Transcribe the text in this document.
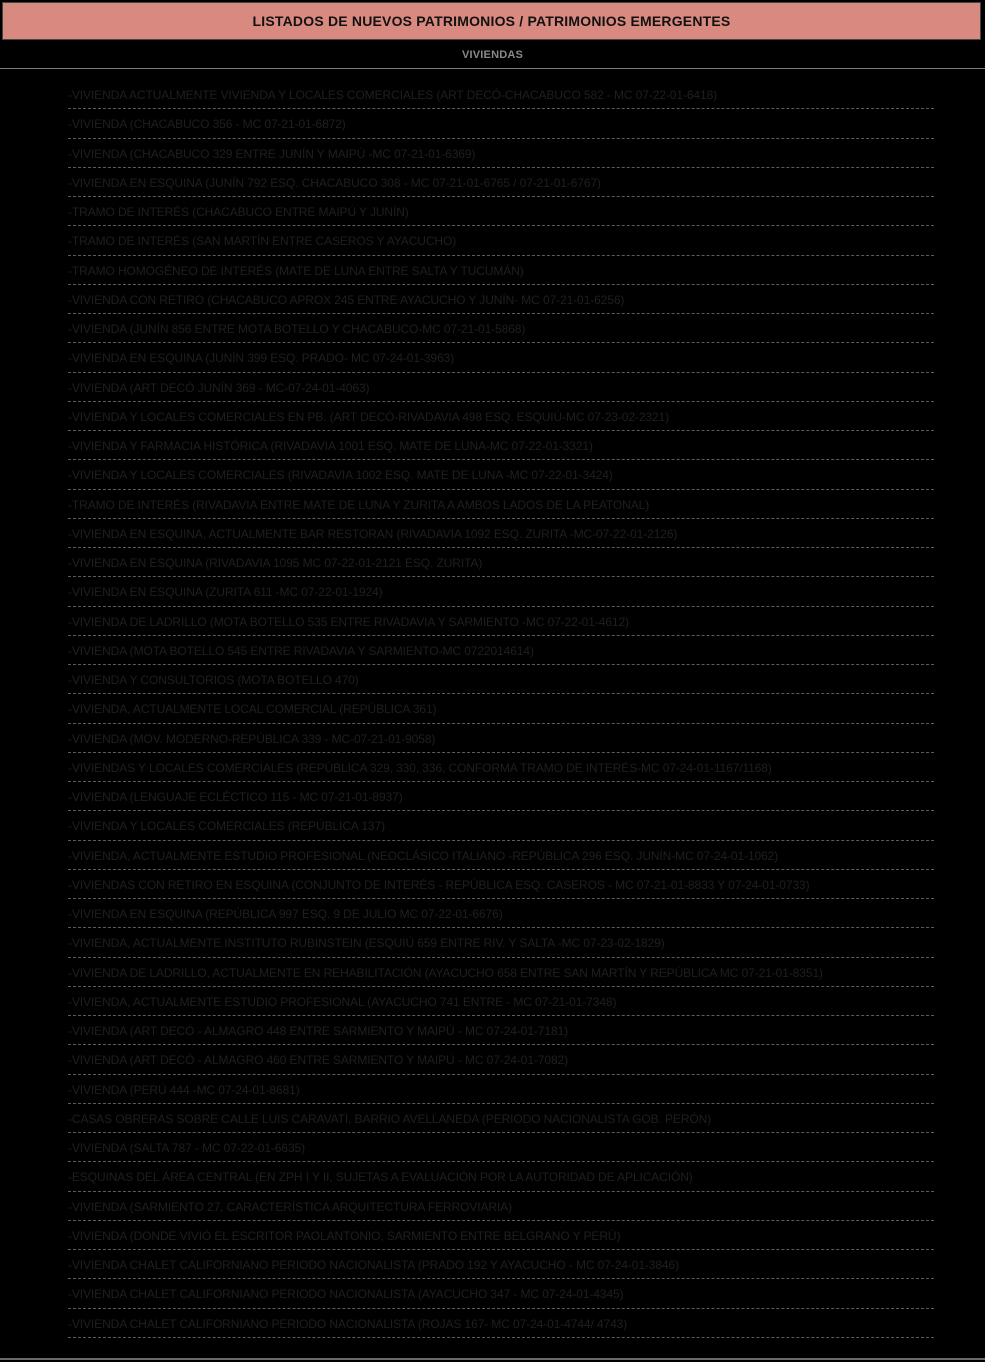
LISTADOS DE NUEVOS PATRIMONIOS / PATRIMONIOS EMERGENTES
VIVIENDAS
-VIVIENDA ACTUALMENTE VIVIENDA Y LOCALES COMERCIALES (ART DECÓ-CHACABUCO 582 - MC 07-22-01-6418)
-VIVIENDA (CHACABUCO 356 - MC 07-21-01-6872)
-VIVIENDA (CHACABUCO 329 ENTRE JUNÍN Y MAIPÚ -MC 07-21-01-6369)
-VIVIENDA EN ESQUINA (JUNÍN 792 ESQ. CHACABUCO 308 - MC 07-21-01-6765 / 07-21-01-6767)
-TRAMO DE INTERÉS (CHACABUCO ENTRE MAIPÚ Y JUNÍN)
-TRAMO DE INTERÉS (SAN MARTÍN ENTRE CASEROS Y AYACUCHO)
-TRAMO HOMOGÉNEO DE INTERÉS (MATE DE LUNA ENTRE SALTA Y TUCUMÁN)
-VIVIENDA CON RETIRO (CHACABUCO APROX 245 ENTRE AYACUCHO Y JUNÍN- MC 07-21-01-6256)
-VIVIENDA (JUNÍN 856 ENTRE MOTA BOTELLO Y CHACABUCO-MC 07-21-01-5868)
-VIVIENDA EN ESQUINA (JUNÍN 399 ESQ. PRADO- MC 07-24-01-3963)
-VIVIENDA (ART DECÓ JUNÍN 369 - MC-07-24-01-4063)
-VIVIENDA Y LOCALES COMERCIALES EN PB. (ART DECÓ-RIVADAVIA 498 ESQ. ESQUIÚ-MC 07-23-02-2321)
-VIVIENDA Y FARMACIA HISTÓRICA (RIVADAVIA 1001 ESQ. MATE DE LUNA-MC 07-22-01-3321)
-VIVIENDA Y LOCALES COMERCIALES (RIVADAVIA 1002 ESQ. MATE DE LUNA -MC 07-22-01-3424)
-TRAMO DE INTERÉS (RIVADAVIA ENTRE MATE DE LUNA Y ZURITA A AMBOS LADOS DE LA PEATONAL)
-VIVIENDA EN ESQUINA, ACTUALMENTE BAR RESTORAN (RIVADAVIA 1092 ESQ. ZURITA -MC-07-22-01-2126)
-VIVIENDA EN ESQUINA (RIVADAVIA 1095 MC 07-22-01-2121 ESQ. ZURITA)
-VIVIENDA EN ESQUINA (ZURITA 611 -MC 07-22-01-1924)
-VIVIENDA DE LADRILLO (MOTA BOTELLO 535 ENTRE RIVADAVIA Y SARMIENTO -MC 07-22-01-4612)
-VIVIENDA (MOTA BOTELLO 545 ENTRE RIVADAVIA Y SARMIENTO-MC 0722014614)
-VIVIENDA Y CONSULTORIOS (MOTA BOTELLO 470)
-VIVIENDA, ACTUALMENTE LOCAL COMERCIAL (REPÚBLICA 361)
-VIVIENDA (MOV. MODERNO-REPÚBLICA 339 - MC-07-21-01-9058)
-VIVIENDAS Y LOCALES COMERCIALES (REPÚBLICA 329, 330, 336, CONFORMA TRAMO DE INTERÉS-MC 07-24-01-1167/1168)
-VIVIENDA (LENGUAJE ECLÉCTICO 115 - MC 07-21-01-8937)
-VIVIENDA Y LOCALES COMERCIALES (REPÚBLICA 137)
-VIVIENDA, ACTUALMENTE ESTUDIO PROFESIONAL (NEOCLÁSICO ITALIANO -REPÚBLICA 296 ESQ. JUNÍN-MC 07-24-01-1062)
-VIVIENDAS CON RETIRO EN ESQUINA (CONJUNTO DE INTERÉS - REPÚBLICA ESQ. CASEROS - MC 07-21-01-8833 Y 07-24-01-0733)
-VIVIENDA EN ESQUINA (REPÚBLICA 997 ESQ. 9 DE JULIO MC 07-22-01-6676)
-VIVIENDA, ACTUALMENTE INSTITUTO RUBINSTEIN (ESQUIÚ 659 ENTRE RIV. Y SALTA -MC 07-23-02-1829)
-VIVIENDA DE LADRILLO, ACTUALMENTE EN REHABILITACIÓN (AYACUCHO 658 ENTRE SAN MARTÍN Y REPÚBLICA MC 07-21-01-8351)
-VIVIENDA, ACTUALMENTE ESTUDIO PROFESIONAL (AYACUCHO 741 ENTRE - MC 07-21-01-7348)
-VIVIENDA (ART DECÓ - ALMAGRO 448 ENTRE SARMIENTO Y MAIPÚ - MC 07-24-01-7181)
-VIVIENDA (ART DECÓ - ALMAGRO 460 ENTRE SARMIENTO Y MAIPÚ - MC 07-24-01-7082)
-VIVIENDA (PERÚ 444 -MC 07-24-01-8681)
-CASAS OBRERAS SOBRE CALLE LUIS CARAVATI, BARRIO AVELLANEDA (PERIODO NACIONALISTA GOB. PERÓN)
-VIVIENDA (SALTA 787 - MC 07-22-01-6635)
-ESQUINAS DEL ÁREA CENTRAL (EN ZPH I Y II, SUJETAS A EVALUACIÓN POR LA AUTORIDAD DE APLICACIÓN)
-VIVIENDA (SARMIENTO 27, CARACTERÍSTICA ARQUITECTURA FERROVIARIA)
-VIVIENDA (DONDE VIVIÓ EL ESCRITOR PAOLANTONIO, SARMIENTO ENTRE BELGRANO Y PERÚ)
-VIVIENDA CHALET CALIFORNIANO PERIODO NACIONALISTA (PRADO 192 Y AYACUCHO - MC 07-24-01-3846)
-VIVIENDA CHALET CALIFORNIANO PERIODO NACIONALISTA (AYACUCHO 347 - MC 07-24-01-4345)
-VIVIENDA CHALET CALIFORNIANO PERIODO NACIONALISTA (ROJAS 167- MC 07-24-01-4744/ 4743)
